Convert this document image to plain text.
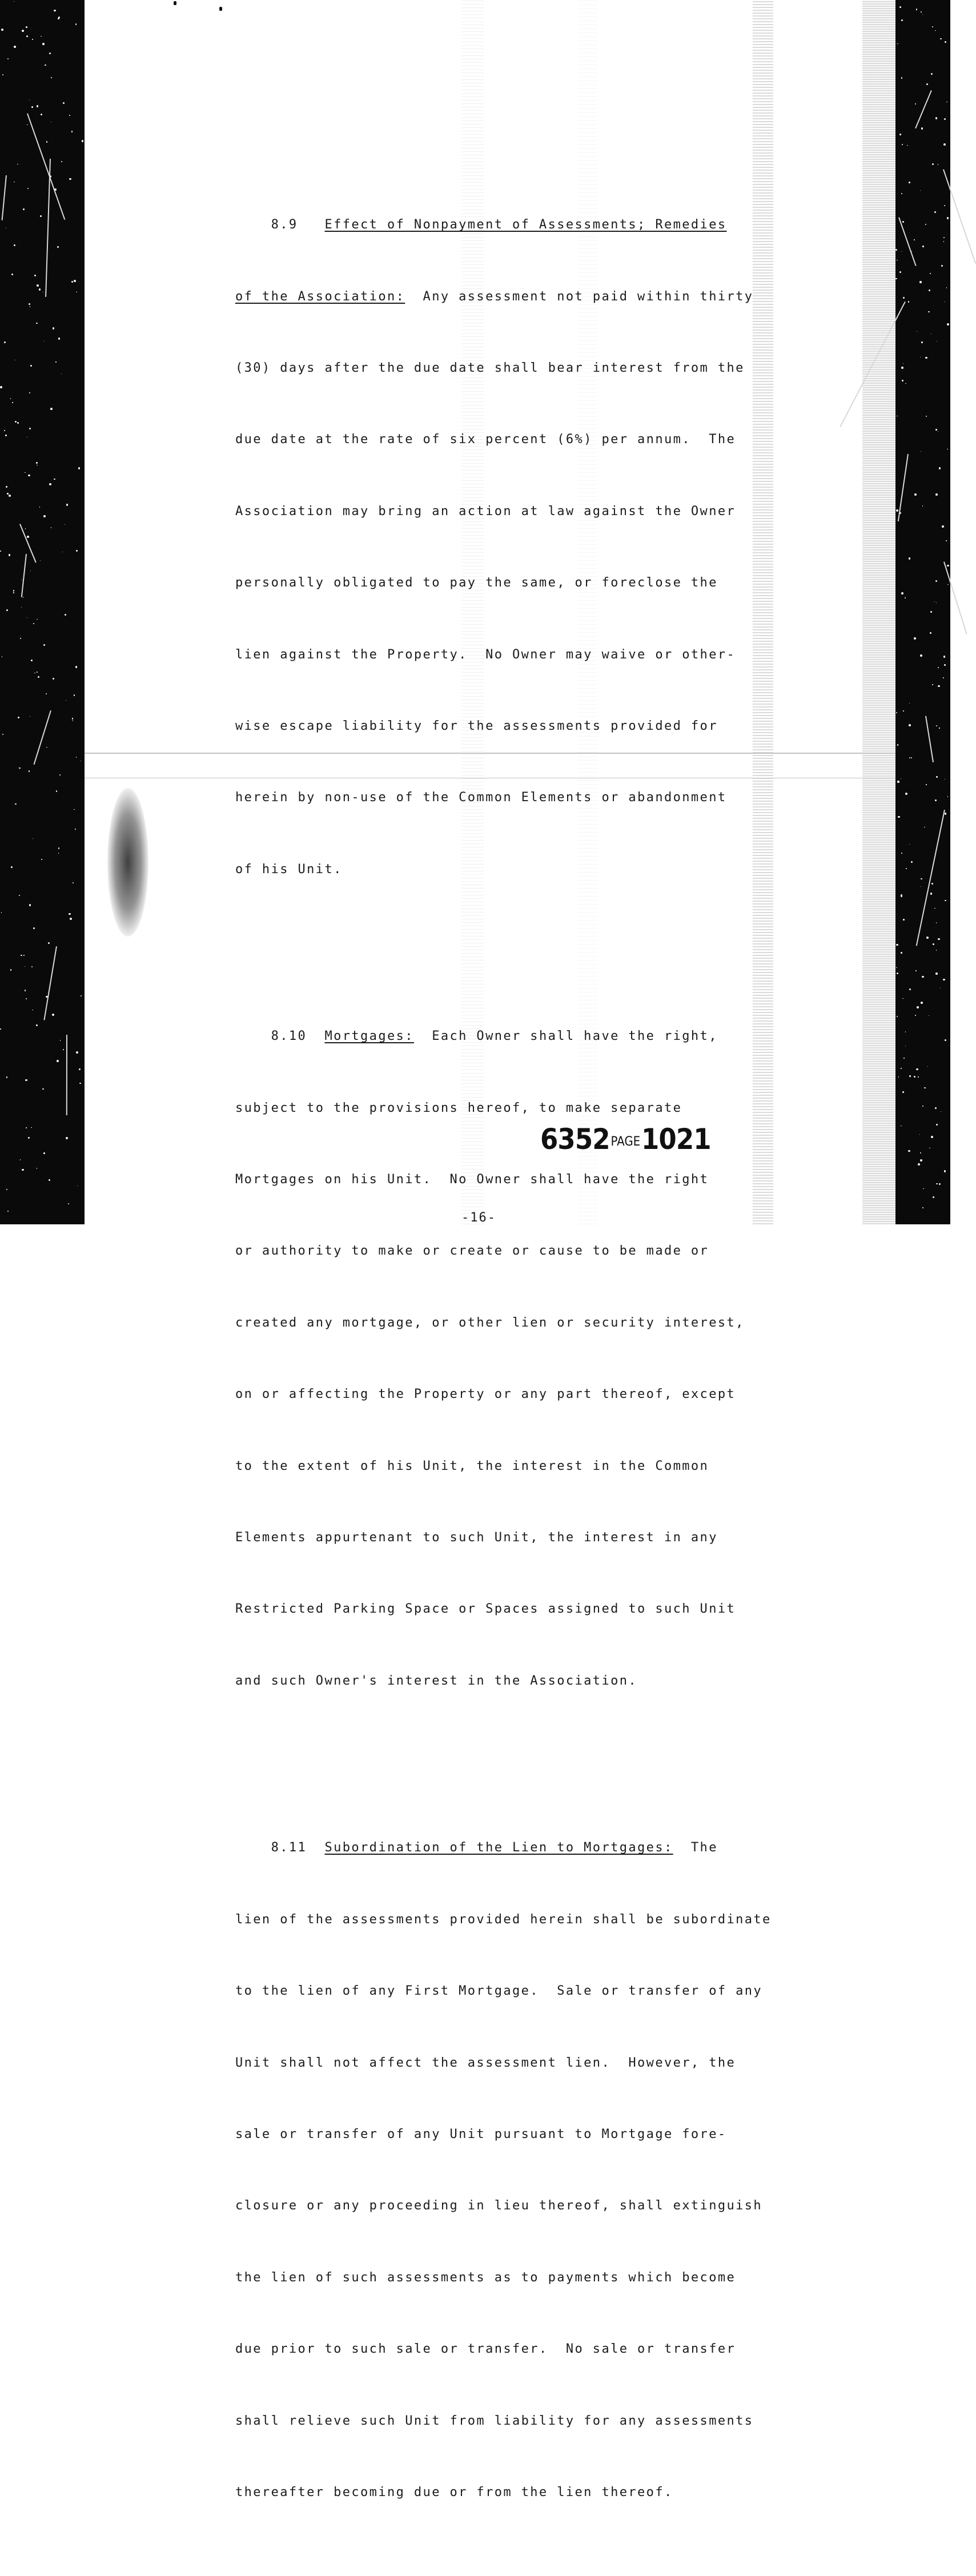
8.9   Effect of Nonpayment of Assessments; Remedies

of the Association:  Any assessment not paid within thirty

(30) days after the due date shall bear interest from the

due date at the rate of six percent (6%) per annum.  The

Association may bring an action at law against the Owner

personally obligated to pay the same, or foreclose the

lien against the Property.  No Owner may waive or other-

wise escape liability for the assessments provided for

herein by non-use of the Common Elements or abandonment

of his Unit.

8.10  Mortgages:  Each Owner shall have the right,

subject to the provisions hereof, to make separate

Mortgages on his Unit.  No Owner shall have the right

or authority to make or create or cause to be made or

created any mortgage, or other lien or security interest,

on or affecting the Property or any part thereof, except

to the extent of his Unit, the interest in the Common

Elements appurtenant to such Unit, the interest in any

Restricted Parking Space or Spaces assigned to such Unit

and such Owner's interest in the Association.

8.11  Subordination of the Lien to Mortgages:  The

lien of the assessments provided herein shall be subordinate

to the lien of any First Mortgage.  Sale or transfer of any

Unit shall not affect the assessment lien.  However, the

sale or transfer of any Unit pursuant to Mortgage fore-

closure or any proceeding in lieu thereof, shall extinguish

the lien of such assessments as to payments which become

due prior to such sale or transfer.  No sale or transfer

shall relieve such Unit from liability for any assessments

thereafter becoming due or from the lien thereof.

6352PAGE1021
-16-
